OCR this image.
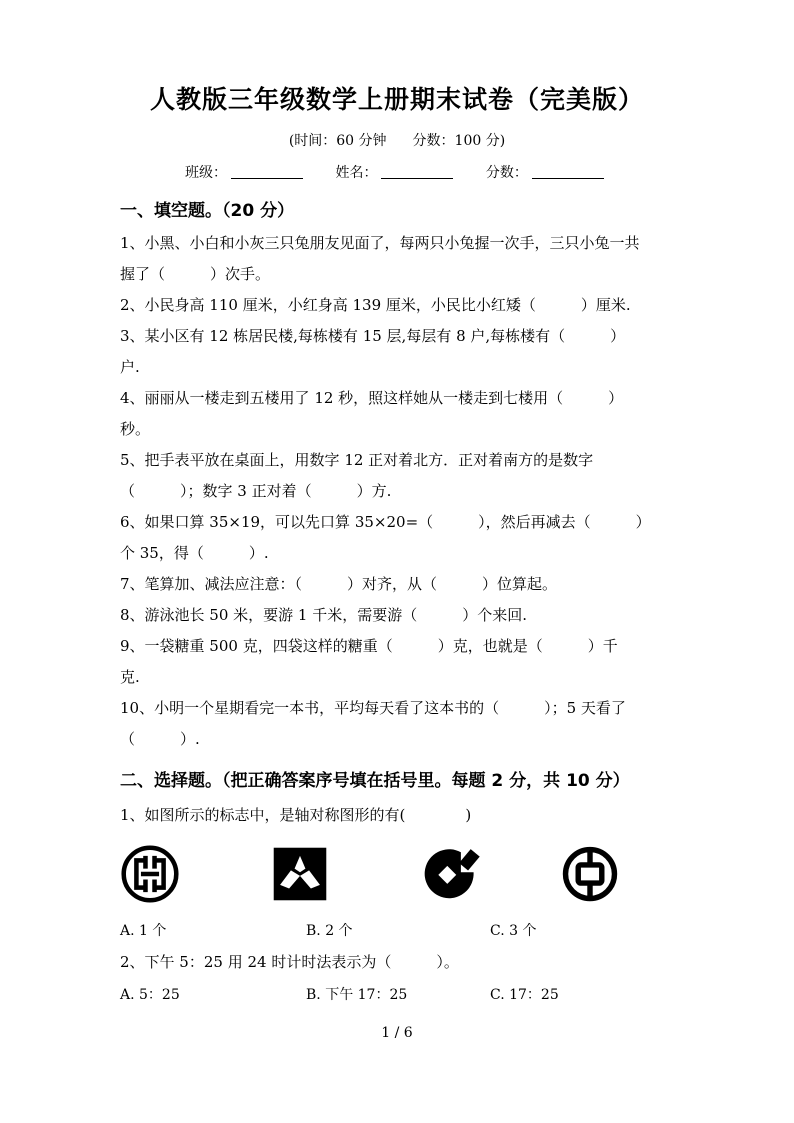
人教版三年级数学上册期末试卷（完美版）
(时间：60 分钟 分数：100 分)
班级：	姓名：	分数：
一、填空题。（20 分）
1、小黑、小白和小灰三只兔朋友见面了，每两只小兔握一次手，三只小兔一共
握了（　　　）次手。
2、小民身高 110 厘米，小红身高 139 厘米，小民比小红矮（　　　）厘米.
3、某小区有 12 栋居民楼,每栋楼有 15 层,每层有 8 户,每栋楼有（　　　）
户.
4、丽丽从一楼走到五楼用了 12 秒，照这样她从一楼走到七楼用（　　　）
秒。
5、把手表平放在桌面上，用数字 12 正对着北方．正对着南方的是数字
（　　　）；数字 3 正对着（　　　）方.
6、如果口算 35×19，可以先口算 35×20=（　　　），然后再减去（　　　）
个 35，得（　　　）.
7、笔算加、减法应注意：（　　　）对齐，从（　　　）位算起。
8、游泳池长 50 米，要游 1 千米，需要游（　　　）个来回.
9、一袋糖重 500 克，四袋这样的糖重（　　　）克，也就是（　　　）千
克.
10、小明一个星期看完一本书，平均每天看了这本书的（　　　）；5 天看了
（　　　）.
二、选择题。（把正确答案序号填在括号里。每题 2 分，共 10 分）
1、如图所示的标志中，是轴对称图形的有(　　　　)
A. 1 个	B. 2 个	C. 3 个
2、下午 5：25 用 24 时计时法表示为（　　　）。
A. 5：25	B. 下午 17：25	C. 17：25
1 / 6
